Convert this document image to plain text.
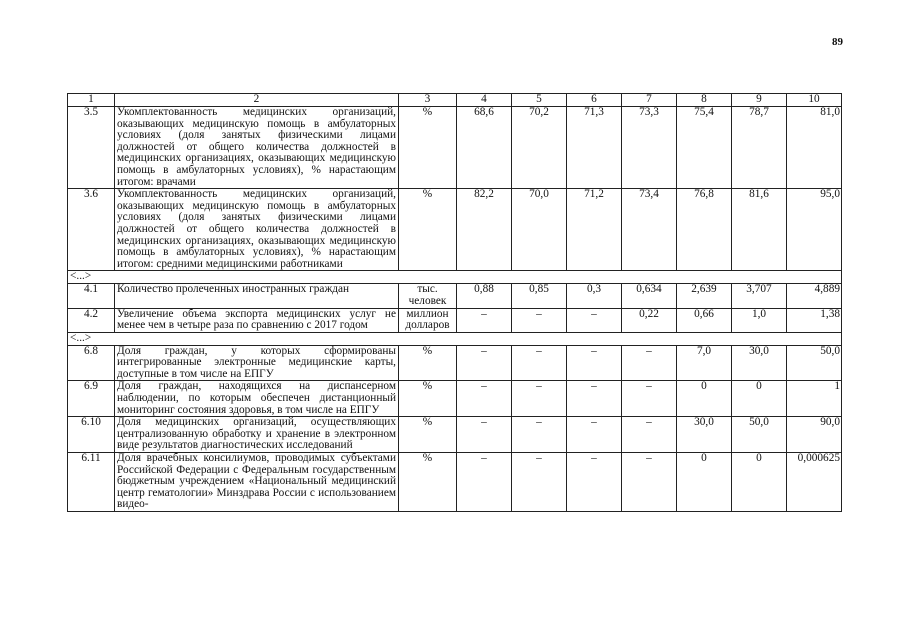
89
1	2	3	4	5	6	7	8	9	10
3.5	Укомплектованность медицинских организаций, оказывающих медицинскую помощь в амбулаторных условиях (доля занятых физическими лицами должностей от общего количества должностей в медицинских организациях, оказывающих медицинскую помощь в амбулаторных условиях), % нарастающим итогом: врачами	%	68,6	70,2	71,3	73,3	75,4	78,7	81,0
3.6	Укомплектованность медицинских организаций, оказывающих медицинскую помощь в амбулаторных условиях (доля занятых физическими лицами должностей от общего количества должностей в медицинских организациях, оказывающих медицинскую помощь в амбулаторных условиях), % нарастающим итогом: средними медицинскими работниками	%	82,2	70,0	71,2	73,4	76,8	81,6	95,0
<...>									
4.1	Количество пролеченных иностранных граждан	тыс. человек	0,88	0,85	0,3	0,634	2,639	3,707	4,889
4.2	Увеличение объема экспорта медицинских услуг не менее чем в четыре раза по сравнению с 2017 годом	миллион долларов	–	–	–	0,22	0,66	1,0	1,38
<...>									
6.8	Доля граждан, у которых сформированы интегрированные электронные медицинские карты, доступные в том числе на ЕПГУ	%	–	–	–	–	7,0	30,0	50,0
6.9	Доля граждан, находящихся на диспансерном наблюдении, по которым обеспечен дистанционный мониторинг состояния здоровья, в том числе на ЕПГУ	%	–	–	–	–	0	0	1
6.10	Доля медицинских организаций, осуществляющих централизованную обработку и хранение в электронном виде результатов диагностических исследований	%	–	–	–	–	30,0	50,0	90,0
6.11	Доля врачебных консилиумов, проводимых субъектами Российской Федерации с Федеральным государственным бюджетным учреждением «Национальный медицинский центр гематологии» Минздрава России с использованием видео-	%	–	–	–	–	0	0	0,000625
